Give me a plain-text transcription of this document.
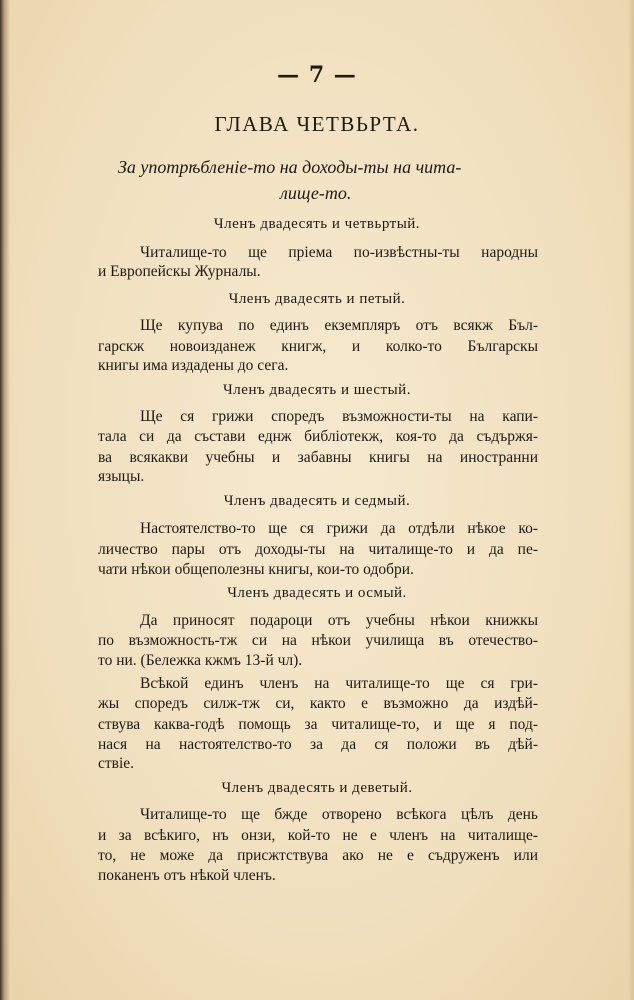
— 7 —
ГЛАВА ЧЕТВЬРТА.
За употрѣбленіе-то на доходы-ты на чита-
лище-то.
Членъ двадесять и четвьртый.
Читалище-то ще пріема по-извѣстны-ты народны
и Европейскы Журналы.
Членъ двадесять и петый.
Ще купува по единъ екземпляръ отъ всякж Бъл-
гарскж новоизданеж книгж, и колко-то Българскы
книгы има издадены до сега.
Членъ двадесять и шестый.
Ще ся грижи споредъ възможности-ты на капи-
тала си да състави еднж библіотекж, коя-то да съдържя-
ва всякакви учебны и забавны книгы на иностранни
языцы.
Членъ двадесять и седмый.
Настоятелство-то ще ся грижи да отдѣли нѣкое ко-
личество пары отъ доходы-ты на читалище-то и да пе-
чати нѣкои общеполезны книгы, кои-то одобри.
Членъ двадесять и осмый.
Да приносят подароци отъ учебны нѣкои книжкы
по възможность-тж си на нѣкои училища въ отечество-
то ни. (Бележка кжмъ 13-й чл).
Всѣкой единъ членъ на читалище-то ще ся гри-
жы споредъ силж-тж си, както е възможно да издѣй-
ствува каква-годѣ помощь за читалище-то, и ще я под-
нася на настоятелство-то за да ся положи въ дѣй-
ствіе.
Членъ двадесять и деветый.
Читалище-то ще бжде отворено всѣкога цѣлъ день
и за всѣкиго, нъ онзи, кой-то не е членъ на читалище-
то, не може да присжтствува ако не е съдруженъ или
поканенъ отъ нѣкой членъ.
